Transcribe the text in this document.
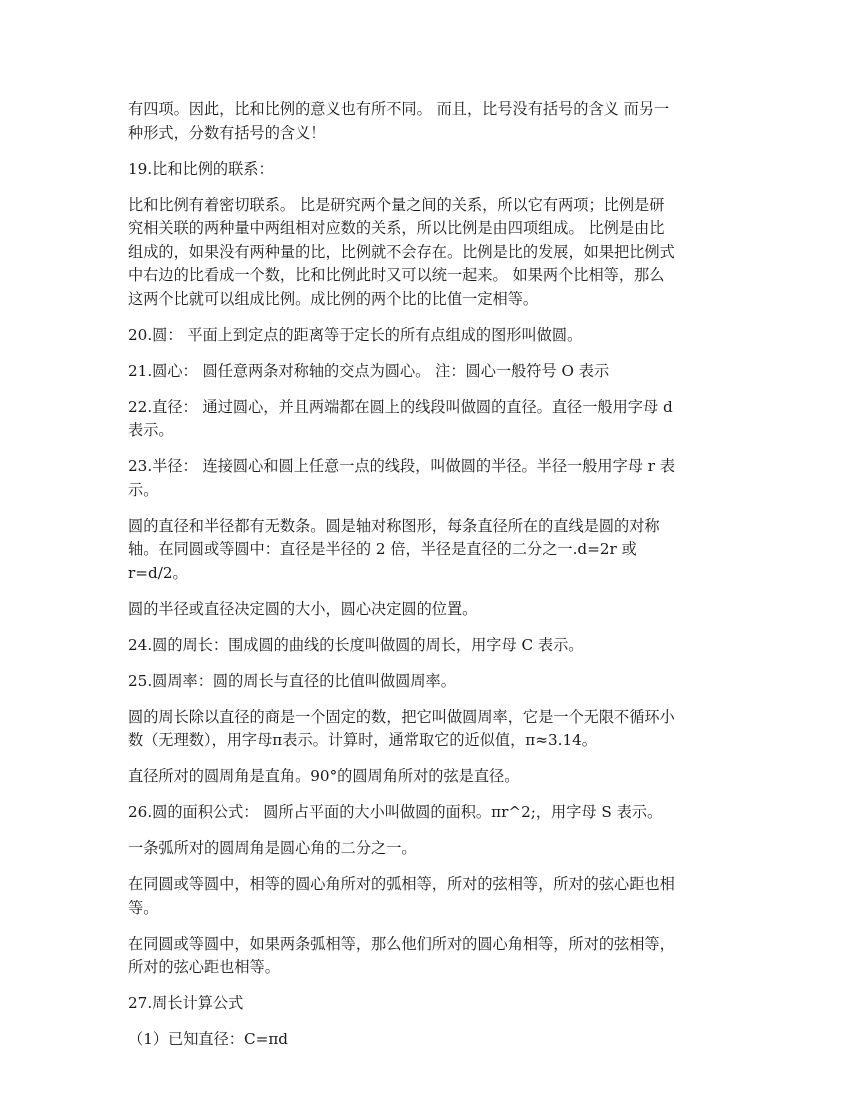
有四项。因此，比和比例的意义也有所不同。 而且，比号没有括号的含义 而另一
种形式，分数有括号的含义！

19.比和比例的联系：

比和比例有着密切联系。 比是研究两个量之间的关系，所以它有两项；比例是研
究相关联的两种量中两组相对应数的关系，所以比例是由四项组成。 比例是由比
组成的，如果没有两种量的比，比例就不会存在。比例是比的发展，如果把比例式
中右边的比看成一个数，比和比例此时又可以统一起来。 如果两个比相等，那么
这两个比就可以组成比例。成比例的两个比的比值一定相等。

20.圆： 平面上到定点的距离等于定长的所有点组成的图形叫做圆。

21.圆心： 圆任意两条对称轴的交点为圆心。 注：圆心一般符号 O 表示

22.直径： 通过圆心，并且两端都在圆上的线段叫做圆的直径。直径一般用字母 d
表示。

23.半径： 连接圆心和圆上任意一点的线段，叫做圆的半径。半径一般用字母 r 表
示。

圆的直径和半径都有无数条。圆是轴对称图形，每条直径所在的直线是圆的对称
轴。在同圆或等圆中：直径是半径的 2 倍，半径是直径的二分之一.d=2r 或
r=d/2。

圆的半径或直径决定圆的大小，圆心决定圆的位置。

24.圆的周长：围成圆的曲线的长度叫做圆的周长，用字母 C 表示。

25.圆周率：圆的周长与直径的比值叫做圆周率。

圆的周长除以直径的商是一个固定的数，把它叫做圆周率，它是一个无限不循环小
数（无理数），用字母π表示。计算时，通常取它的近似值，π≈3.14。

直径所对的圆周角是直角。90°的圆周角所对的弦是直径。

26.圆的面积公式： 圆所占平面的大小叫做圆的面积。πr^2;，用字母 S 表示。

一条弧所对的圆周角是圆心角的二分之一。

在同圆或等圆中，相等的圆心角所对的弧相等，所对的弦相等，所对的弦心距也相
等。

在同圆或等圆中，如果两条弧相等，那么他们所对的圆心角相等，所对的弦相等，
所对的弦心距也相等。

27.周长计算公式

（1）已知直径：C=πd
